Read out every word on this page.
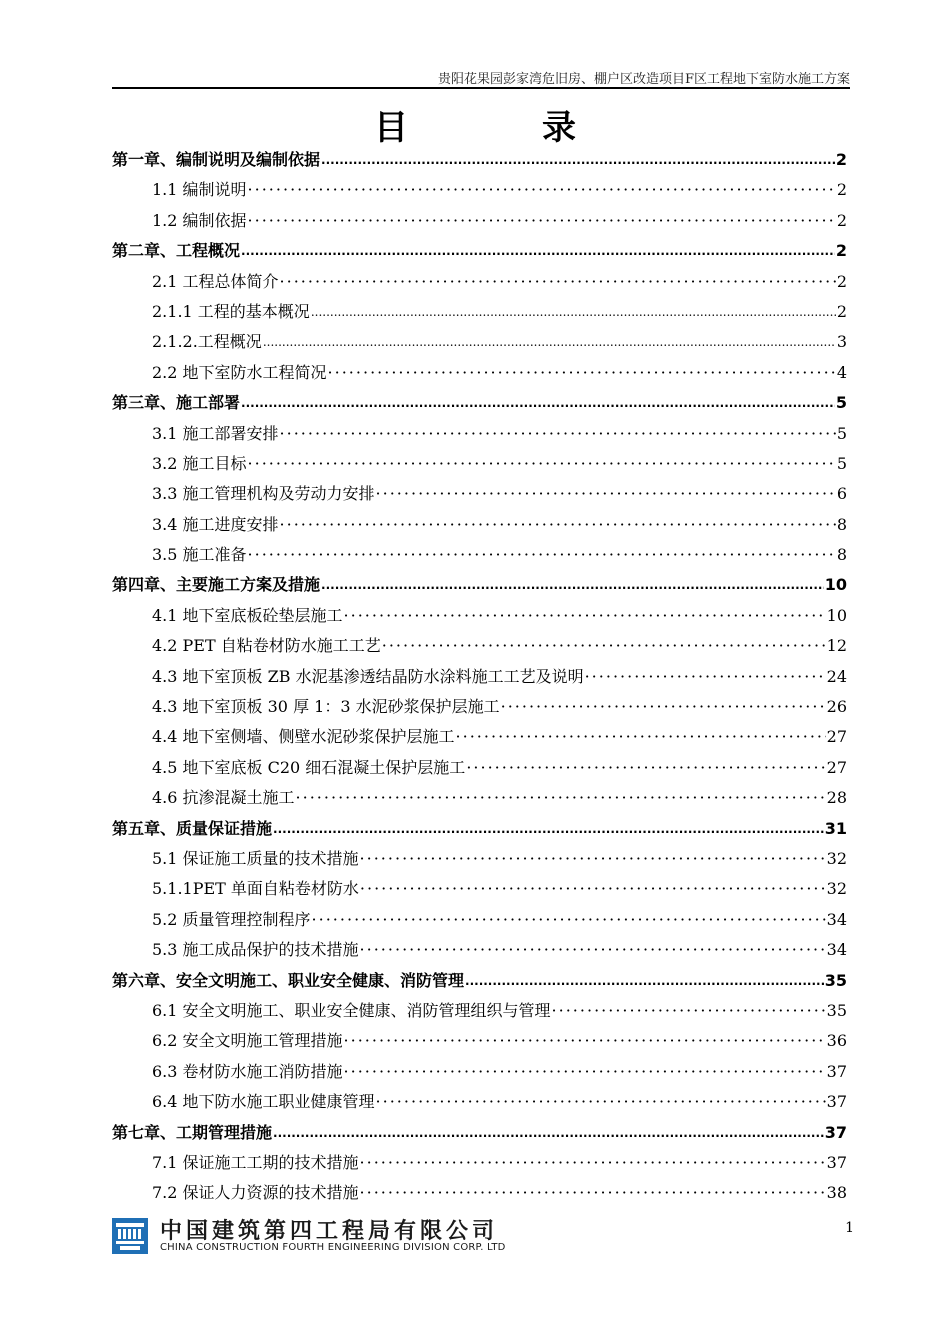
贵阳花果园彭家湾危旧房、棚户区改造项目F区工程地下室防水施工方案
目　录
第一章、编制说明及编制依据 .....	2
1.1 编制说明 ·····	2
1.2 编制依据 ·····	2
第二章、工程概况 .....	2
2.1 工程总体简介 ·····	2
2.1.1 工程的基本概况 .....	2
2.1.2.工程概况 .....	3
2.2 地下室防水工程简况 ·····	4
第三章、施工部署 .....	5
3.1 施工部署安排 ·····	5
3.2 施工目标 ·····	5
3.3 施工管理机构及劳动力安排 ·····	6
3.4 施工进度安排 ·····	8
3.5 施工准备 ·····	8
第四章、主要施工方案及措施 .....	10
4.1 地下室底板砼垫层施工 ·····	10
4.2 PET 自粘卷材防水施工工艺 ·····	12
4.3 地下室顶板 ZB 水泥基渗透结晶防水涂料施工工艺及说明 ·····	24
4.3 地下室顶板 30 厚 1：3 水泥砂浆保护层施工 ·····	26
4.4 地下室侧墙、侧壁水泥砂浆保护层施工 ·····	27
4.5 地下室底板 C20 细石混凝土保护层施工 ·····	27
4.6 抗渗混凝土施工 ·····	28
第五章、质量保证措施 .....	31
5.1 保证施工质量的技术措施 ·····	32
5.1.1PET 单面自粘卷材防水 ·····	32
5.2 质量管理控制程序 ·····	34
5.3 施工成品保护的技术措施 ·····	34
第六章、安全文明施工、职业安全健康、消防管理 .....	35
6.1 安全文明施工、职业安全健康、消防管理组织与管理 ·····	35
6.2 安全文明施工管理措施 ·····	36
6.3 卷材防水施工消防措施 ·····	37
6.4 地下防水施工职业健康管理 ·····	37
第七章、工期管理措施 .....	37
7.1 保证施工工期的技术措施 ·····	37
7.2 保证人力资源的技术措施 ·····	38
中国建筑第四工程局有限公司
CHINA CONSTRUCTION FOURTH ENGINEERING DIVISION CORP. LTD
1
